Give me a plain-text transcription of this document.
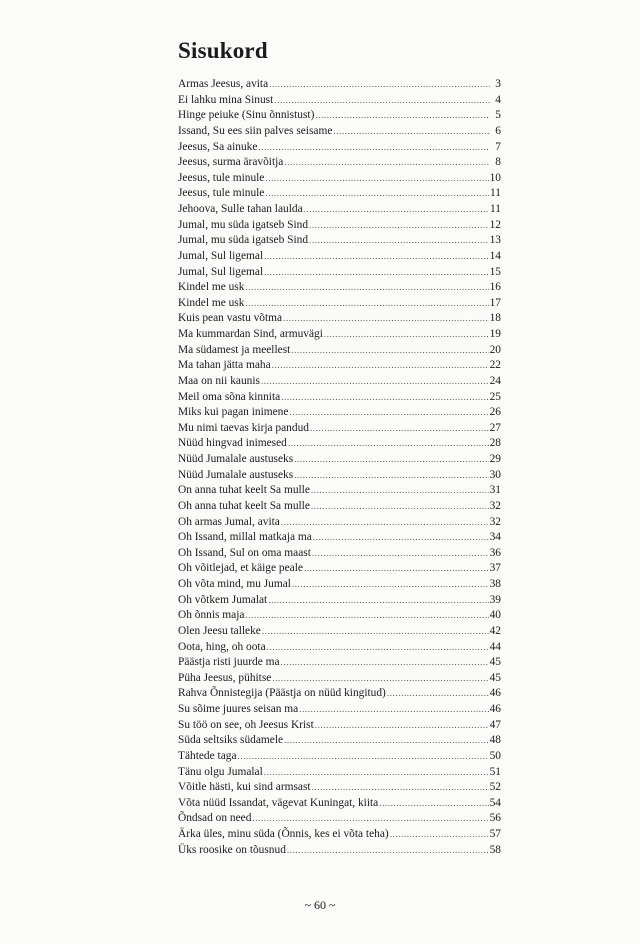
Sisukord
Armas Jeesus, avita .....	3
Ei lahku mina Sinust .....	4
Hinge peiuke (Sinu õnnistust) .....	5
Issand, Su ees siin palves seisame .....	6
Jeesus, Sa ainuke .....	7
Jeesus, surma äravõitja .....	8
Jeesus, tule minule .....	10
Jeesus, tule minule .....	11
Jehoova, Sulle tahan laulda .....	11
Jumal, mu süda igatseb Sind .....	12
Jumal, mu süda igatseb Sind .....	13
Jumal, Sul ligemal .....	14
Jumal, Sul ligemal .....	15
Kindel me usk .....	16
Kindel me usk .....	17
Kuis pean vastu võtma .....	18
Ma kummardan Sind, armuvägi .....	19
Ma südamest ja meellest .....	20
Ma tahan jätta maha .....	22
Maa on nii kaunis .....	24
Meil oma sõna kinnita .....	25
Miks kui pagan inimene .....	26
Mu nimi taevas kirja pandud .....	27
Nüüd hingvad inimesed .....	28
Nüüd Jumalale austuseks .....	29
Nüüd Jumalale austuseks .....	30
On anna tuhat keelt Sa mulle .....	31
Oh anna tuhat keelt Sa mulle .....	32
Oh armas Jumal, avita .....	32
Oh Issand, millal matkaja ma .....	34
Oh Issand, Sul on oma maast .....	36
Oh võitlejad, et käige peale .....	37
Oh võta mind, mu Jumal .....	38
Oh võtkem Jumalat .....	39
Oh õnnis maja .....	40
Olen Jeesu talleke .....	42
Oota, hing, oh oota .....	44
Päästja risti juurde ma .....	45
Püha Jeesus, pühitse .....	45
Rahva Õnnistegija (Päästja on nüüd kingitud) .....	46
Su sõime juures seisan ma .....	46
Su töö on see, oh Jeesus Krist .....	47
Süda seltsiks südamele .....	48
Tähtede taga .....	50
Tänu olgu Jumalal .....	51
Võitle hästi, kui sind armsast .....	52
Võta nüüd Issandat, vägevat Kuningat, kiita .....	54
Õndsad on need .....	56
Ärka üles, minu süda (Õnnis, kes ei võta teha) .....	57
Üks roosike on tõusnud .....	58
~ 60 ~
